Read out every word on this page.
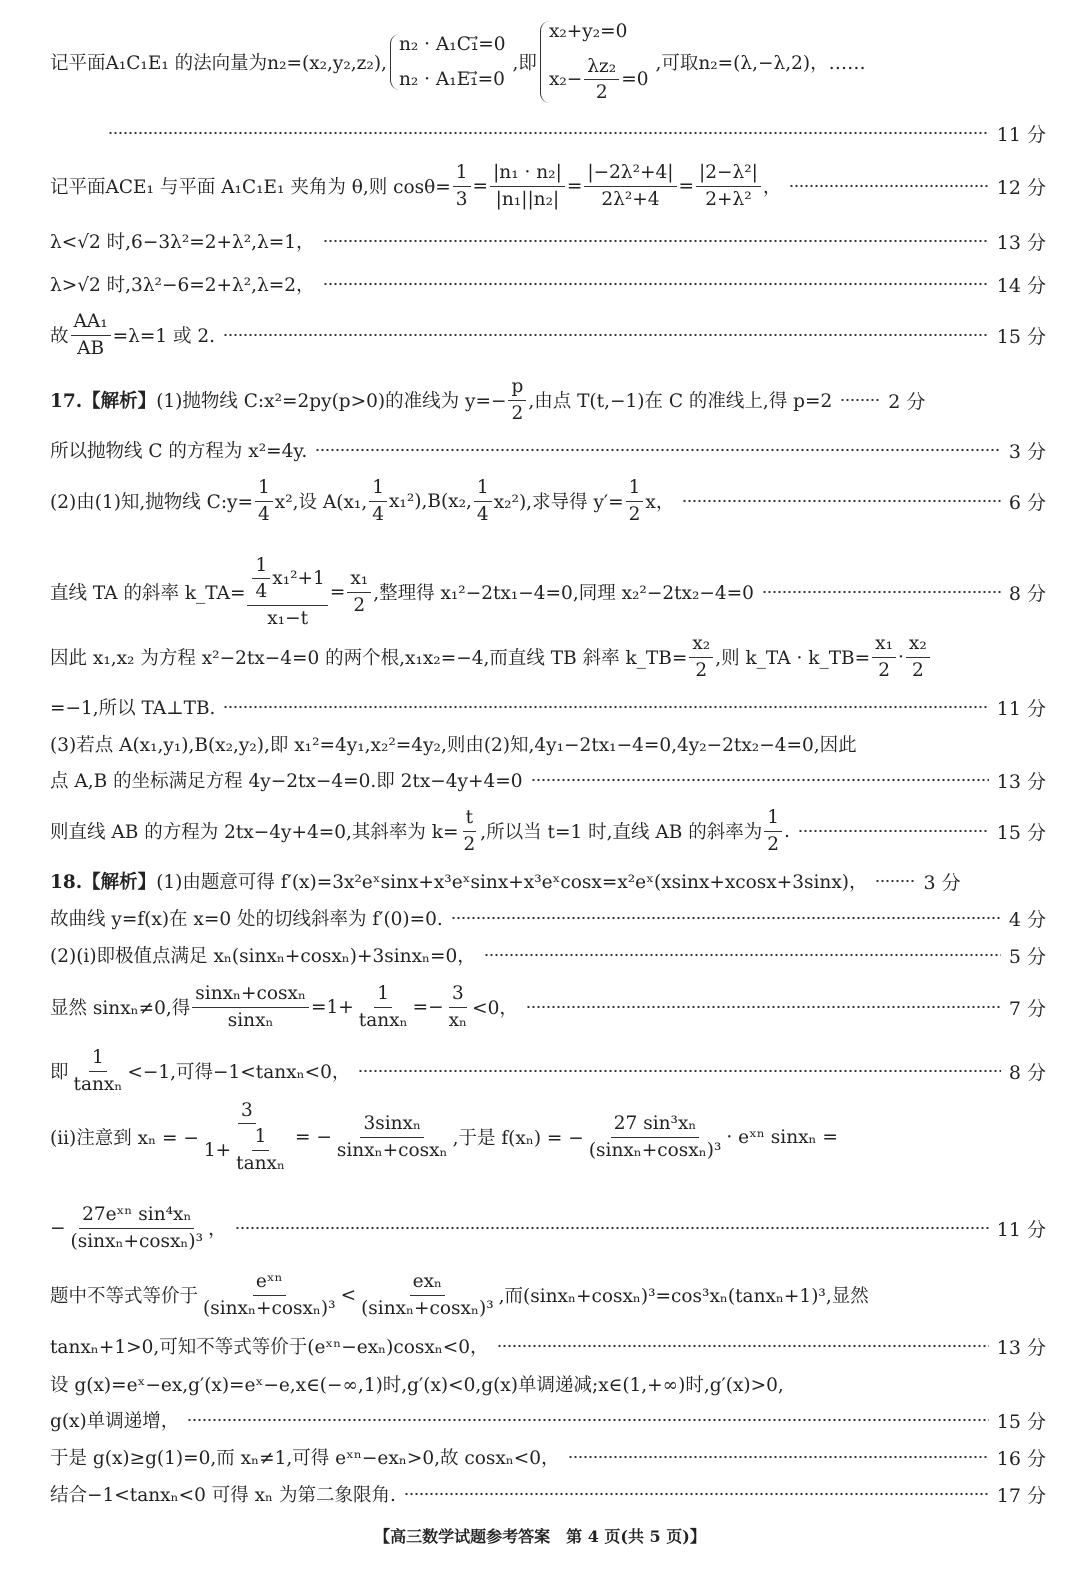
记平面A₁C₁E₁ 的法向量为n₂=(x₂,y₂,z₂),
n₂ · A₁C₁⃗=0
n₂ · A₁E₁⃗=0
,即
x₂+y₂=0
$x_2- \frac{\text{λz₂}}{2} =0$
,可取n₂=(λ,−λ,2)，……
11 分
记平面ACE₁ 与平面 A₁C₁E₁ 夹角为 θ,则 $\cos\theta= \frac{1}{3} = \frac{\text{|n₁ · n₂|}}{\text{|n₁||n₂|}} = \frac{\text{|−2λ²+4|}}{\text{2λ²+4}} = \frac{\text{|2−λ²|}}{\text{2+λ²}}$ ，	12 分
λ<√2 时,6−3λ²=2+λ²,λ=1，	13 分
λ>√2 时,3λ²−6=2+λ²,λ=2，	14 分
故 $\frac{\text{AA₁}}{AB} =\lambda=1$ 或 2.	15 分
17.【解析】 (1)抛物线 C:x²=2py(p>0)的准线为 $y=- \frac{p}{2}$ ,由点 T(t,−1)在 C 的准线上,得 p=2	2 分
所以抛物线 C 的方程为 x²=4y.	3 分
(2)由(1)知,抛物线 C:y= $\frac{1}{4} x^2$,设 A(x₁, $\frac{1}{4} x_1^2),B(x_2$, $\frac{1}{4} x_2^2$),求导得 $y'= \frac{1}{2}$ x，	6 分
直线 TA 的斜率 k_TA= $\frac{\frac{1}{4} x_1^2+1}{\text{x₁−t}} = \frac{\text{x₁}}{2}$ ,整理得 x₁²−2tx₁−4=0,同理 x₂²−2tx₂−4=0	8 分
因此 x₁,x₂ 为方程 x²−2tx−4=0 的两个根,x₁x₂=−4,而直线 TB 斜率 k_TB= $\frac{\text{x₂}}{2}$ ,则 k_TA · k_TB= $\frac{\text{x₁}}{2} \cdot \frac{\text{x₂}}{2}$
=−1,所以 TA⊥TB.	11 分
(3)若点 A(x₁,y₁),B(x₂,y₂),即 x₁²=4y₁,x₂²=4y₂,则由(2)知,4y₁−2tx₁−4=0,4y₂−2tx₂−4=0,因此
点 A,B 的坐标满足方程 4y−2tx−4=0.即 2tx−4y+4=0	13 分
则直线 AB 的方程为 2tx−4y+4=0,其斜率为 $k= \frac{t}{2}$ ,所以当 t=1 时,直线 AB 的斜率为 $\frac{1}{2}$ .	15 分
18.【解析】 (1)由题意可得 f′(x)=3x²eˣsinx+x³eˣsinx+x³eˣcosx=x²eˣ(xsinx+xcosx+3sinx)，	3 分
故曲线 y=f(x)在 x=0 处的切线斜率为 f′(0)=0.	4 分
(2)(i)即极值点满足 xₙ(sinxₙ+cosxₙ)+3sinxₙ=0，	5 分
显然 sinxₙ≠0,得 $\frac{\text{sinxₙ+cosxₙ}}{\text{sinxₙ}} =1+ \frac{1}{\text{tanxₙ}} =- \frac{3}{\text{xₙ}} <0$，	7 分
即 $\frac{1}{\text{tanxₙ}} <-1$,可得−1<tanxₙ<0，	8 分
(ii)注意到 xₙ = − $\frac{3}{1+ \frac{1}{\text{tanxₙ}}}$ = − $\frac{\text{3sinxₙ}}{\text{sinxₙ+cosxₙ}}$ ,于是 f(xₙ) = − $\frac{\text{27 sin³xₙ}}{\text{(sinxₙ+cosxₙ)³}}$ · eˣⁿ sinxₙ =
− $\frac{\text{27eˣⁿ sin⁴xₙ}}{\text{(sinxₙ+cosxₙ)³}}$ ，	11 分
题中不等式等价于 $\frac{\text{eˣⁿ}}{\text{(sinxₙ+cosxₙ)³}} < \frac{\text{exₙ}}{\text{(sinxₙ+cosxₙ)³}}$ ,而(sinxₙ+cosxₙ)³=cos³xₙ(tanxₙ+1)³,显然
tanxₙ+1>0,可知不等式等价于(eˣⁿ−exₙ)cosxₙ<0，	13 分
设 g(x)=eˣ−ex,g′(x)=eˣ−e,x∈(−∞,1)时,g′(x)<0,g(x)单调递减;x∈(1,+∞)时,g′(x)>0,
g(x)单调递增，	15 分
于是 g(x)≥g(1)=0,而 xₙ≠1,可得 eˣⁿ−exₙ>0,故 cosxₙ<0，	16 分
结合−1<tanxₙ<0 可得 xₙ 为第二象限角.	17 分
【高三数学试题参考答案　第 4 页(共 5 页)】
